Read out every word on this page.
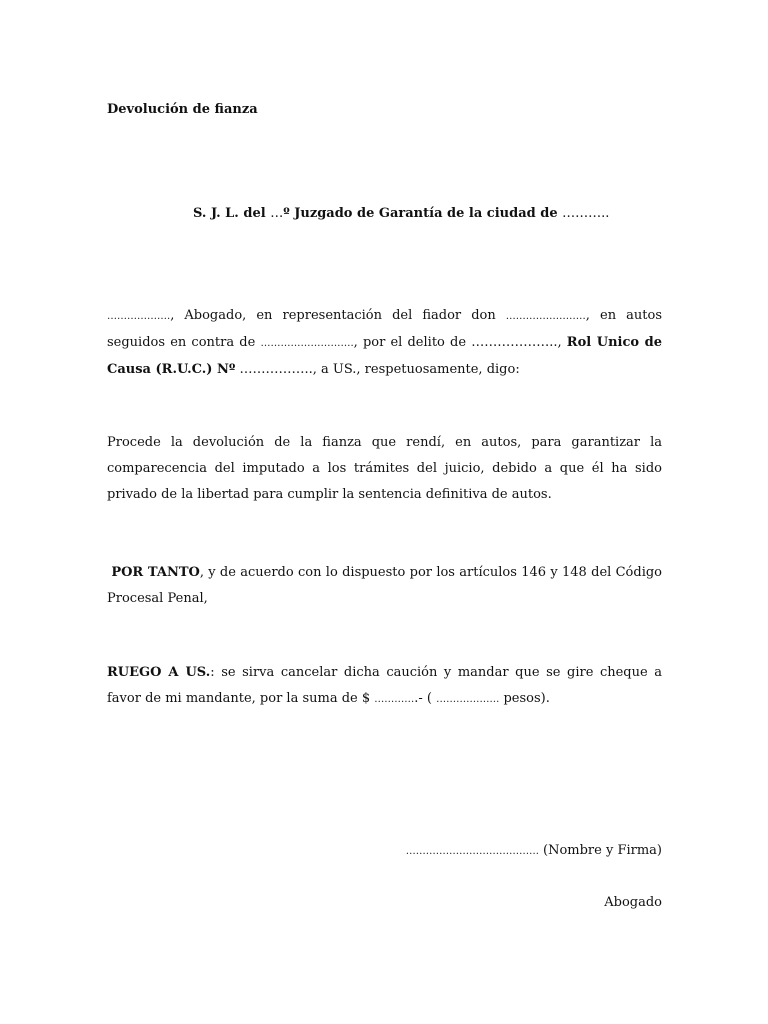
Devolución de fianza
S. J. L. del …º Juzgado de Garantía de la ciudad de ………..
………………., Abogado, en representación del fiador don ……………………, en autos seguidos en contra de ………………………., por el delito de ……………….., Rol Unico de Causa (R.U.C.) Nº …………….., a US., respetuosamente, digo:
Procede la devolución de la fianza que rendí, en autos, para garantizar la comparecencia del imputado a los trámites del juicio, debido a que él ha sido privado de la libertad para cumplir la sentencia definitiva de autos.
POR TANTO, y de acuerdo con lo dispuesto por los artículos 146 y 148 del Código Procesal Penal,
RUEGO A US.: se sirva cancelar dicha caución y mandar que se gire cheque a favor de mi mandante, por la suma de $ ………….- ( ………………. pesos).
…………………………………. (Nombre y Firma)
Abogado
